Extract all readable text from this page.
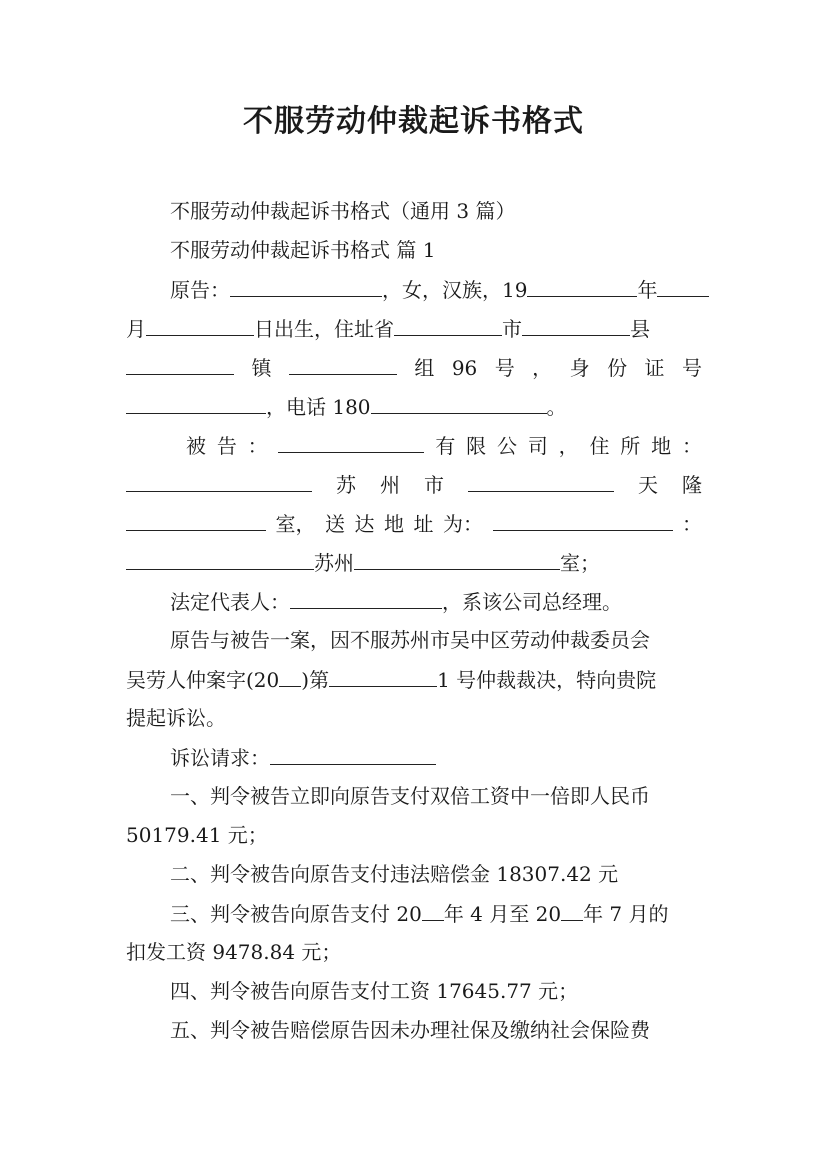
不服劳动仲裁起诉书格式
不服劳动仲裁起诉书格式（通用 3 篇）
不服劳动仲裁起诉书格式 篇 1
原告：	，女，汉族，19	年
月	日出生，住址省	市	县
镇	组 96 号 ， 身 份 证 号
，电话 180	。
被 告 ：	有 限 公 司 ， 住 所 地 ：
苏 州 市	天 隆
室， 送 达 地 址 为：	：
苏州	室；
法定代表人：	，系该公司总经理。
原告与被告一案，因不服苏州市吴中区劳动仲裁委员会
吴劳人仲案字(20 )第	1 号仲裁裁决，特向贵院
提起诉讼。
诉讼请求：
一、判令被告立即向原告支付双倍工资中一倍即人民币
50179.41 元；
二、判令被告向原告支付违法赔偿金 18307.42 元
三、判令被告向原告支付 20 年 4 月至 20 年 7 月的
扣发工资 9478.84 元；
四、判令被告向原告支付工资 17645.77 元；
五、判令被告赔偿原告因未办理社保及缴纳社会保险费
